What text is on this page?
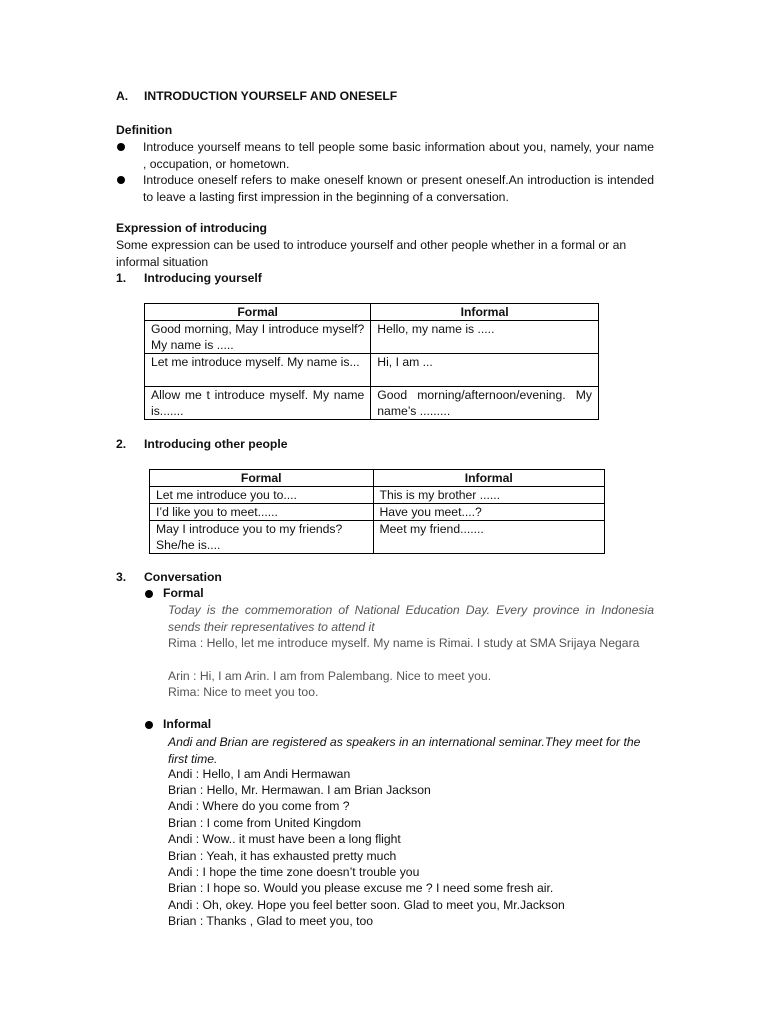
A. INTRODUCTION YOURSELF AND ONESELF
Definition
Introduce yourself means to tell people some basic information about you, namely, your name , occupation, or hometown.
Introduce oneself refers to make oneself known or present oneself.An introduction is intended to leave a lasting first impression in the beginning of a conversation.
Expression of introducing
Some expression can be used to introduce yourself and other people whether in a formal or an informal situation
1. Introducing yourself
Formal	Informal
Good morning, May I introduce myself? My name is .....	Hello, my name is .....
Let me introduce myself. My name is...	Hi, I am ...
Allow me t introduce myself. My name is.......	Good morning/afternoon/evening. My name’s .........
2. Introducing other people
Formal	Informal
Let me introduce you to....	This is my brother ......
I’d like you to meet......	Have you meet....?
May I introduce you to my friends? She/he is....	Meet my friend.......
3. Conversation
Formal
Today is the commemoration of National Education Day. Every province in Indonesia sends their representatives to attend it
Rima : Hello, let me introduce myself. My name is Rimai. I study at SMA Srijaya Negara
Arin : Hi, I am Arin. I am from Palembang. Nice to meet you.
Rima: Nice to meet you too.
Informal
Andi and Brian are registered as speakers in an international seminar.They meet for the first time.
Andi : Hello, I am Andi Hermawan
Brian : Hello, Mr. Hermawan. I am Brian Jackson
Andi : Where do you come from ?
Brian : I come from United Kingdom
Andi : Wow.. it must have been a long flight
Brian : Yeah, it has exhausted pretty much
Andi : I hope the time zone doesn’t trouble you
Brian : I hope so. Would you please excuse me ? I need some fresh air.
Andi : Oh, okey. Hope you feel better soon. Glad to meet you, Mr.Jackson
Brian : Thanks , Glad to meet you, too
